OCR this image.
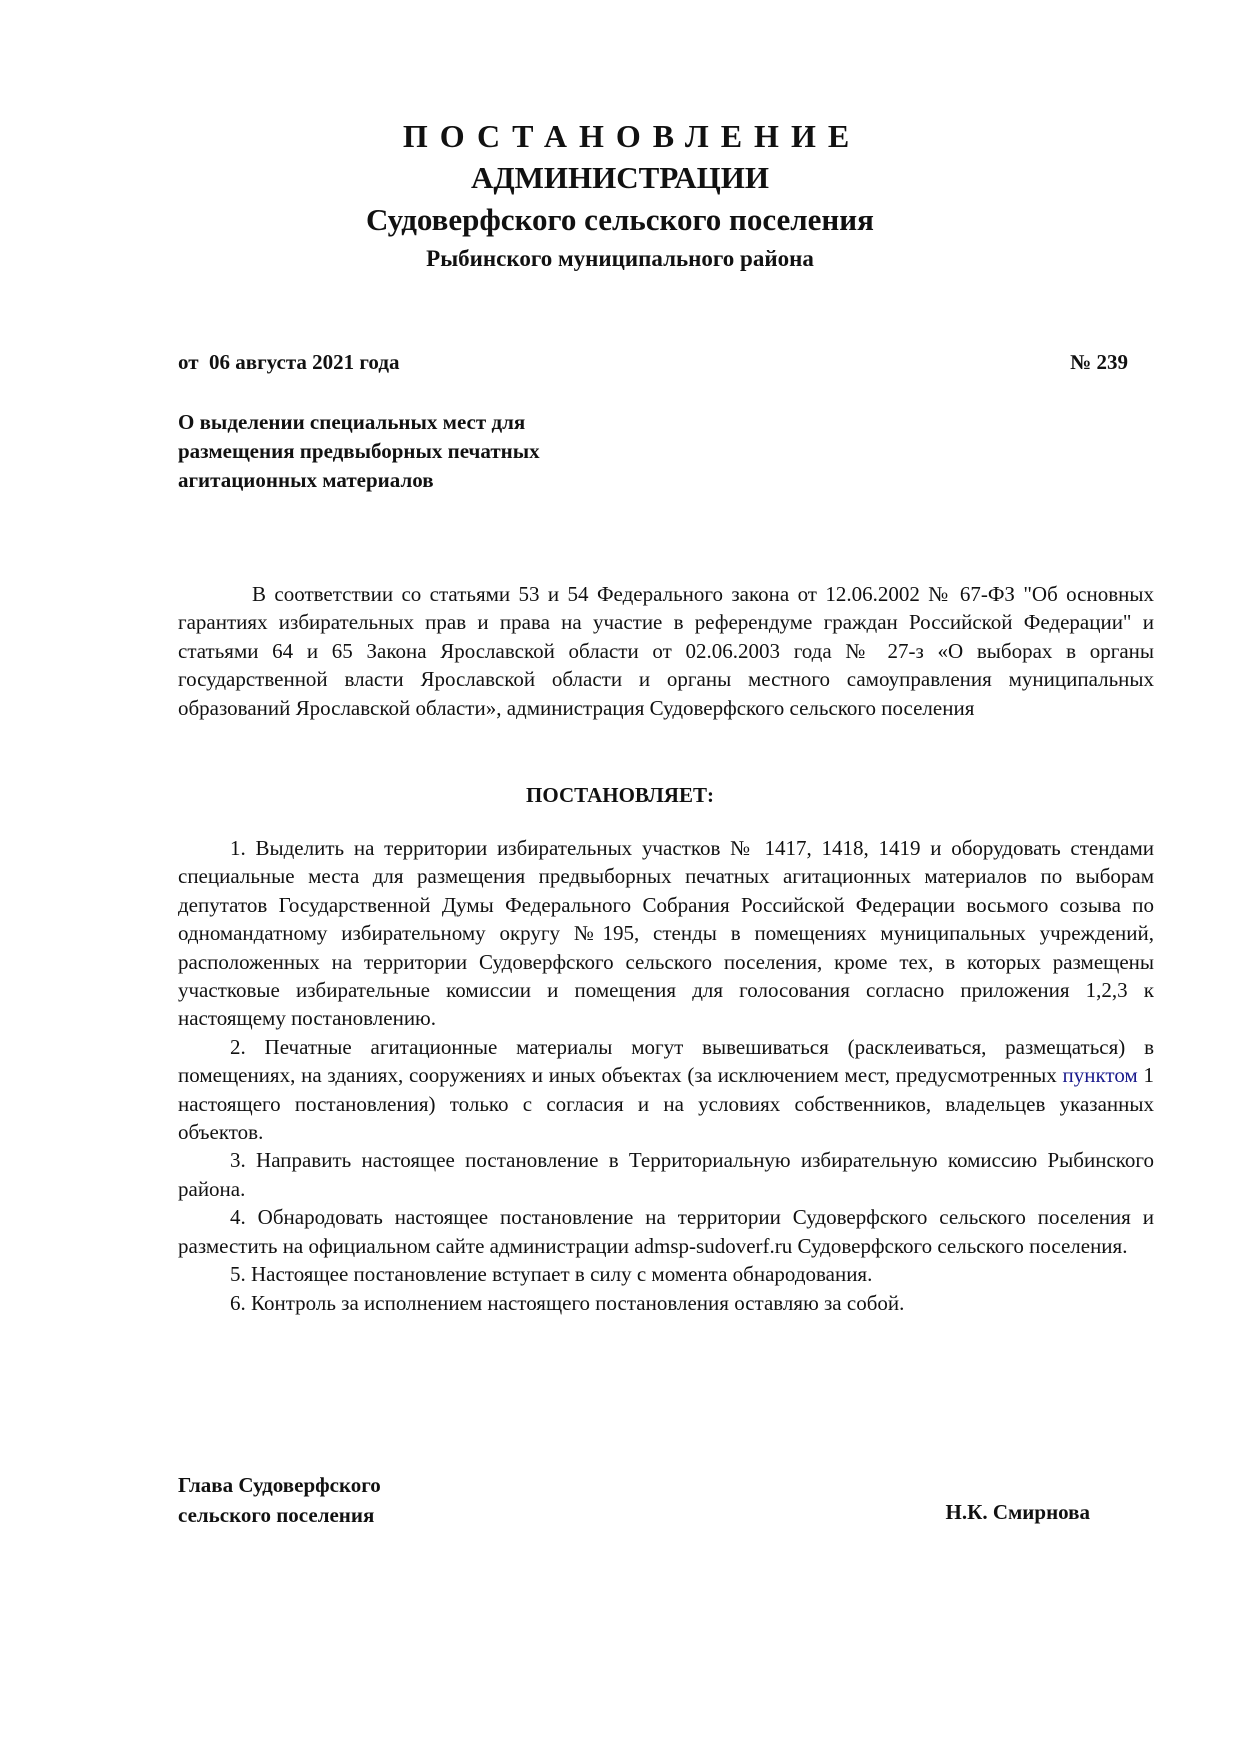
ПОСТАНОВЛЕНИЕ
АДМИНИСТРАЦИИ
Судоверфского сельского поселения
Рыбинского муниципального района
от  06 августа 2021 года	№ 239
О выделении специальных мест для
размещения предвыборных печатных
агитационных материалов
В соответствии со статьями 53 и 54 Федерального закона от 12.06.2002 № 67-ФЗ "Об основных гарантиях избирательных прав и права на участие в референдуме граждан Российской Федерации" и статьями 64 и 65 Закона Ярославской области от 02.06.2003 года № 27-з «О выборах в органы государственной власти Ярославской области и органы местного самоуправления муниципальных образований Ярославской области», администрация Судоверфского сельского поселения
ПОСТАНОВЛЯЕТ:

1. Выделить на территории избирательных участков № 1417, 1418, 1419 и оборудовать стендами специальные места для размещения предвыборных печатных агитационных материалов по выборам депутатов Государственной Думы Федерального Собрания Российской Федерации восьмого созыва по одномандатному избирательному округу №195, стенды в помещениях муниципальных учреждений, расположенных на территории Судоверфского сельского поселения, кроме тех, в которых размещены участковые избирательные комиссии и помещения для голосования согласно приложения 1,2,3 к настоящему постановлению.

2. Печатные агитационные материалы могут вывешиваться (расклеиваться, размещаться) в помещениях, на зданиях, сооружениях и иных объектах (за исключением мест, предусмотренных пунктом 1 настоящего постановления) только с согласия и на условиях собственников, владельцев указанных объектов.

3. Направить настоящее постановление в Территориальную избирательную комиссию Рыбинского района.

4. Обнародовать настоящее постановление на территории Судоверфского сельского поселения и разместить на официальном сайте администрации admsp-sudoverf.ru Судоверфского сельского поселения.

5. Настоящее постановление вступает в силу с момента обнародования.

6. Контроль за исполнением настоящего постановления оставляю за собой.

Глава Судоверфского
сельского поселения	Н.К. Смирнова
